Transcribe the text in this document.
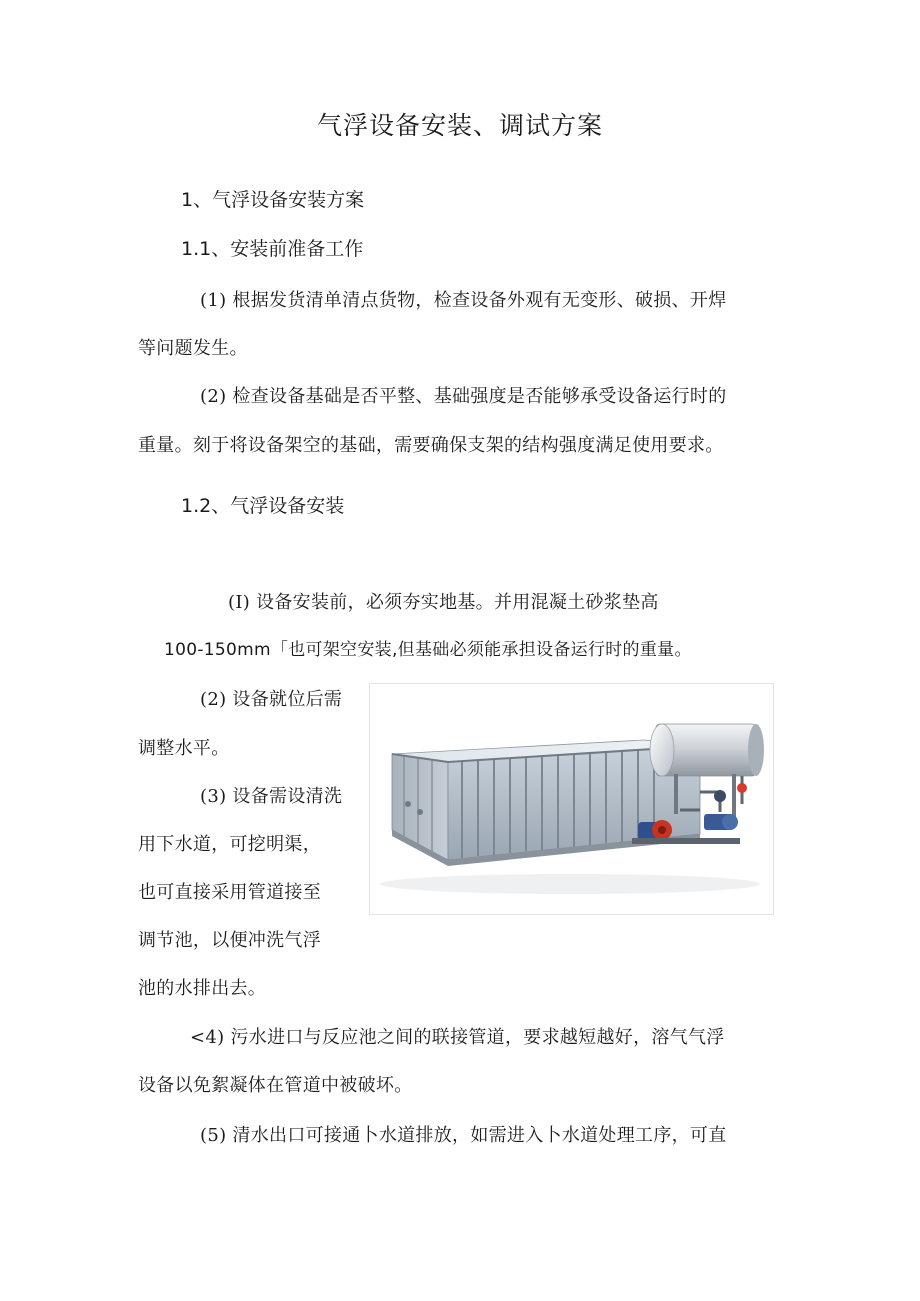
气浮设备安装、调试方案
1、气浮设备安装方案
1.1、安装前准备工作
(1) 根据发货清单清点货物，检查设备外观有无变形、破损、开焊
等问题发生。
(2) 检查设备基础是否平整、基础强度是否能够承受设备运行时的
重量。刻于将设备架空的基础，需要确保支架的结构强度满足使用要求。
1.2、气浮设备安装
(I) 设备安装前，必须夯实地基。并用混凝土砂浆垫高
100-150mm「也可架空安装,但基础必须能承担设备运行时的重量。
(2) 设备就位后需
调整水平。
(3) 设备需设清洗
用下水道，可挖明渠，
也可直接采用管道接至
调节池，以便冲洗气浮
池的水排出去。
<4) 污水进口与反应池之间的联接管道，要求越短越好，溶气气浮
设备以免絮凝体在管道中被破坏。
(5) 清水出口可接通卜水道排放，如需进入卜水道处理工序，可直
